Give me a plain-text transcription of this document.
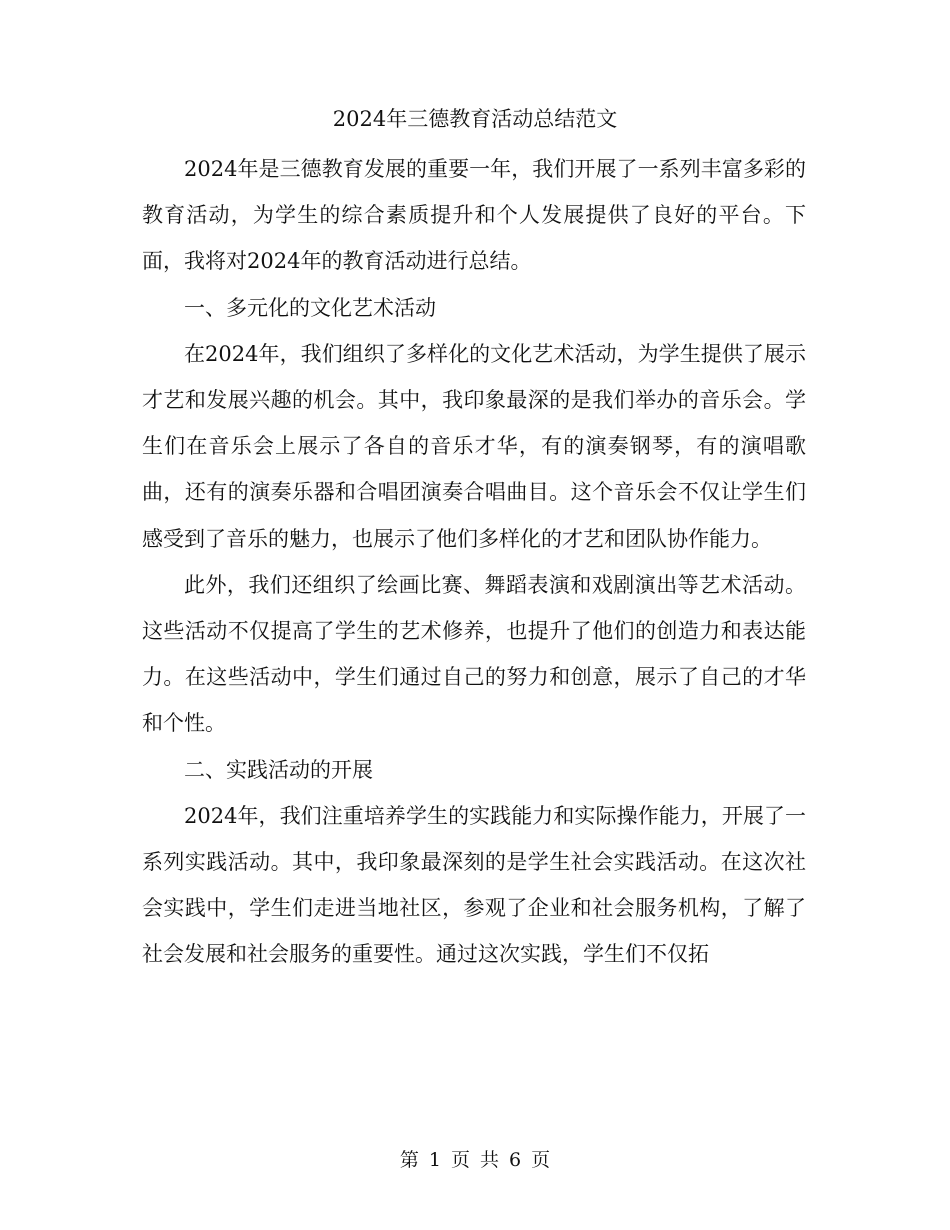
2024年三德教育活动总结范文

2024年是三德教育发展的重要一年，我们开展了一系列丰富多彩的教育活动，为学生的综合素质提升和个人发展提供了良好的平台。下面，我将对2024年的教育活动进行总结。

一、多元化的文化艺术活动

在2024年，我们组织了多样化的文化艺术活动，为学生提供了展示才艺和发展兴趣的机会。其中，我印象最深的是我们举办的音乐会。学生们在音乐会上展示了各自的音乐才华，有的演奏钢琴，有的演唱歌曲，还有的演奏乐器和合唱团演奏合唱曲目。这个音乐会不仅让学生们感受到了音乐的魅力，也展示了他们多样化的才艺和团队协作能力。

此外，我们还组织了绘画比赛、舞蹈表演和戏剧演出等艺术活动。这些活动不仅提高了学生的艺术修养，也提升了他们的创造力和表达能力。在这些活动中，学生们通过自己的努力和创意，展示了自己的才华和个性。

二、实践活动的开展

2024年，我们注重培养学生的实践能力和实际操作能力，开展了一系列实践活动。其中，我印象最深刻的是学生社会实践活动。在这次社会实践中，学生们走进当地社区，参观了企业和社会服务机构，了解了社会发展和社会服务的重要性。通过这次实践，学生们不仅拓

第 1 页 共 6 页
